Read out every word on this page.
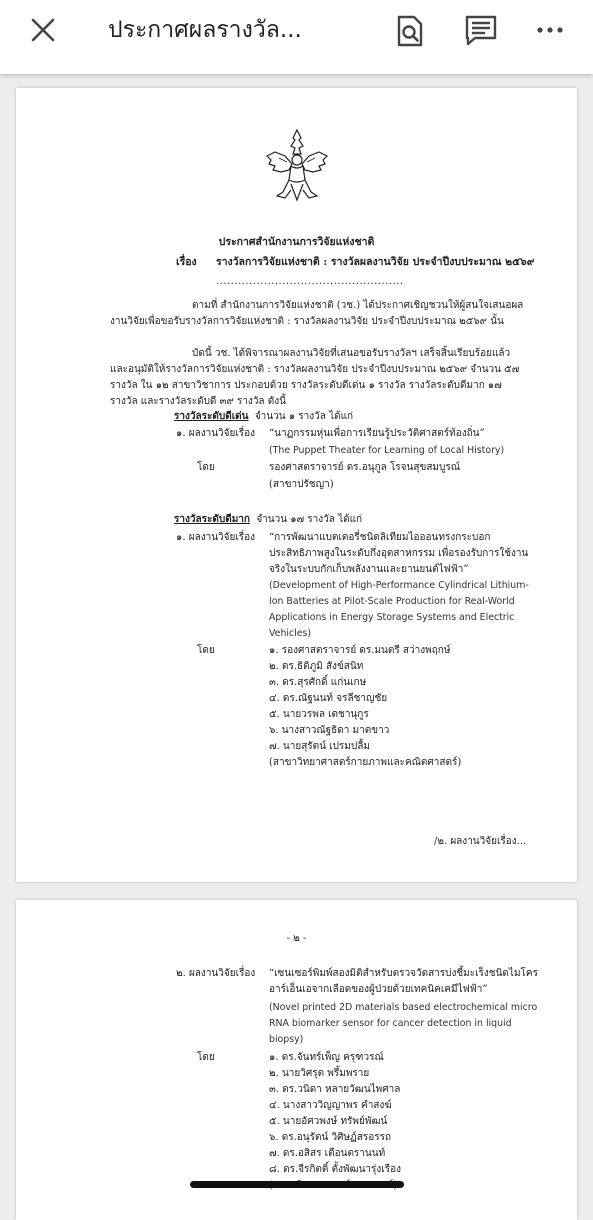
ประกาศผลรางวัล...
ประกาศสำนักงานการวิจัยแห่งชาติ
เรื่อง รางวัลการวิจัยแห่งชาติ : รางวัลผลงานวิจัย ประจำปีงบประมาณ ๒๕๖๙
...................................................
ตามที่ สำนักงานการวิจัยแห่งชาติ (วช.) ได้ประกาศเชิญชวนให้ผู้สนใจเสนอผลงานวิจัยเพื่อขอรับรางวัลการวิจัยแห่งชาติ : รางวัลผลงานวิจัย ประจำปีงบประมาณ ๒๕๖๙ นั้น
บัดนี้ วช. ได้พิจารณาผลงานวิจัยที่เสนอขอรับรางวัลฯ เสร็จสิ้นเรียบร้อยแล้ว และอนุมัติให้รางวัลการวิจัยแห่งชาติ : รางวัลผลงานวิจัย ประจำปีงบประมาณ ๒๕๖๙ จำนวน ๕๗ รางวัล ใน ๑๒ สาขาวิชาการ ประกอบด้วย รางวัลระดับดีเด่น ๑ รางวัล รางวัลระดับดีมาก ๑๗ รางวัล และรางวัลระดับดี ๓๙ รางวัล ดังนี้
รางวัลระดับดีเด่น จำนวน ๑ รางวัล ได้แก่
๑. ผลงานวิจัยเรื่อง “นาฏกรรมหุ่นเพื่อการเรียนรู้ประวัติศาสตร์ท้องถิ่น”
(The Puppet Theater for Learning of Local History)
โดย	รองศาสตราจารย์ ดร.อนุกูล โรจนสุขสมบูรณ์
(สาขาปรัชญา)
รางวัลระดับดีมาก จำนวน ๑๗ รางวัล ได้แก่
๑. ผลงานวิจัยเรื่อง “การพัฒนาแบตเตอรี่ชนิดลิเทียมไอออนทรงกระบอกประสิทธิภาพสูงในระดับกึ่งอุตสาหกรรม เพื่อรองรับการใช้งานจริงในระบบกักเก็บพลังงานและยานยนต์ไฟฟ้า”
(Development of High-Performance Cylindrical Lithium-Ion Batteries at Pilot-Scale Production for Real-World Applications in Energy Storage Systems and Electric Vehicles)
โดย	๑. รองศาสตราจารย์ ดร.มนตรี สว่างพฤกษ์
๒. ดร.ธิติภูมิ สังข์สนิท
๓. ดร.สุรศักดิ์ แก่นเกษ
๔. ดร.ณัฐนนท์ จรลีชาญชัย
๕. นายวรพล เดชานุกูร
๖. นางสาวณัฐธิดา มาตขาว
๗. นายสุรัตน์ เปรมปลื้ม
(สาขาวิทยาศาสตร์กายภาพและคณิตศาสตร์)
/๒. ผลงานวิจัยเรื่อง...
- ๒ -
๒. ผลงานวิจัยเรื่อง “เซนเซอร์พิมพ์สองมิติสำหรับตรวจวัดสารบ่งชี้มะเร็งชนิดไมโครอาร์เอ็นเอจากเลือดของผู้ป่วยด้วยเทคนิคเคมีไฟฟ้า”
(Novel printed 2D materials based electrochemical micro RNA biomarker sensor for cancer detection in liquid biopsy)
โดย	๑. ดร.จันทร์เพ็ญ ครุฑวรณ์
๒. นายวิศรุต พรึ้มพราย
๓. ดร.วนิดา หลายวัฒนไพศาล
๔. นางสาววิญญาพร คำสงฆ์
๕. นายอัศวพงษ์ ทรัพย์พัฒน์
๖. ดร.อนุรัตน์ วิศิษฏ์สรอรรถ
๗. ดร.อสิสร เตือนตรานนท์
๘. ดร.จีรกิตติ์ ตั้งพัฒนารุ่งเรือง
